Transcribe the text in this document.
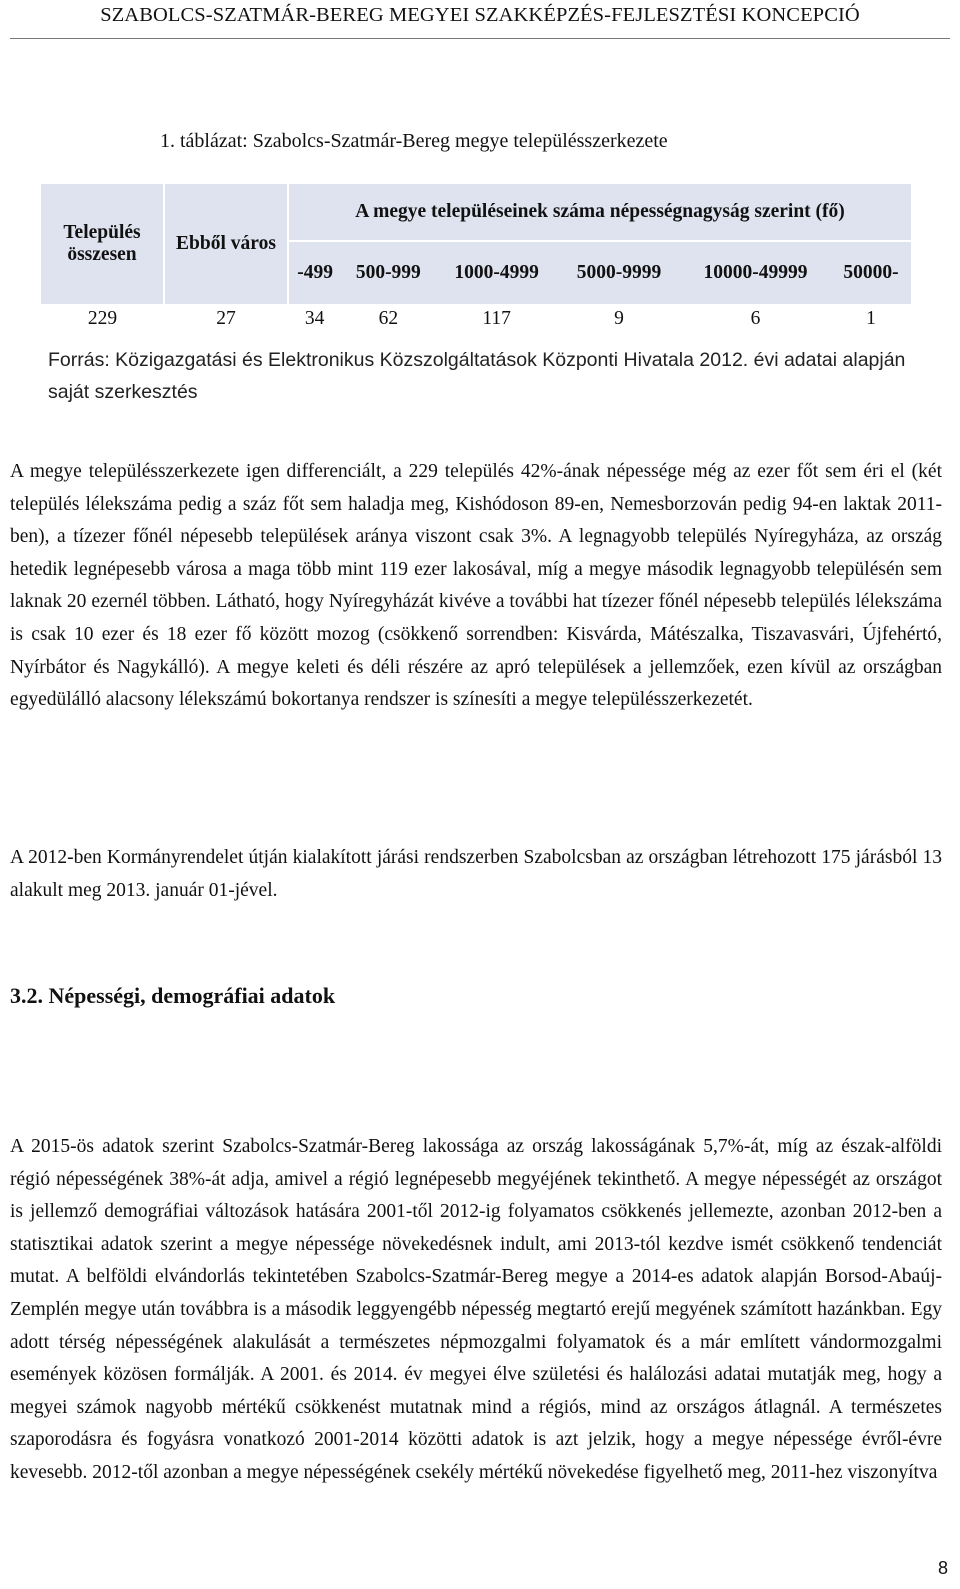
SZABOLCS-SZATMÁR-BEREG MEGYEI SZAKKÉPZÉS-FEJLESZTÉSI KONCEPCIÓ
1. táblázat: Szabolcs-Szatmár-Bereg megye településszerkezete
Település összesen	Ebből város	A megye településeinek száma népességnagyság szerint (fő)					
		-499	500-999	1000-4999	5000-9999	10000-49999	50000-
229	27	34	62	117	9	6	1
Forrás: Közigazgatási és Elektronikus Közszolgáltatások Központi Hivatala 2012. évi adatai alapján saját szerkesztés

A megye településszerkezete igen differenciált, a 229 település 42%-ának népessége még az ezer főt sem éri el (két település lélekszáma pedig a száz főt sem haladja meg, Kishódoson 89-en, Nemesborzován pedig 94-en laktak 2011-ben), a tízezer főnél népesebb települések aránya viszont csak 3%. A legnagyobb település Nyíregyháza, az ország hetedik legnépesebb városa a maga több mint 119 ezer lakosával, míg a megye második legnagyobb településén sem laknak 20 ezernél többen. Látható, hogy Nyíregyházát kivéve a további hat tízezer főnél népesebb település lélekszáma is csak 10 ezer és 18 ezer fő között mozog (csökkenő sorrendben: Kisvárda, Mátészalka, Tiszavasvári, Újfehértó, Nyírbátor és Nagykálló). A megye keleti és déli részére az apró települések a jellemzőek, ezen kívül az országban egyedülálló alacsony lélekszámú bokortanya rendszer is színesíti a megye településszerkezetét.

A 2012-ben Kormányrendelet útján kialakított járási rendszerben Szabolcsban az országban létrehozott 175 járásból 13 alakult meg 2013. január 01-jével.

3.2. Népességi, demográfiai adatok

A 2015-ös adatok szerint Szabolcs-Szatmár-Bereg lakossága az ország lakosságának 5,7%-át, míg az észak-alföldi régió népességének 38%-át adja, amivel a régió legnépesebb megyéjének tekinthető. A megye népességét az országot is jellemző demográfiai változások hatására 2001-től 2012-ig folyamatos csökkenés jellemezte, azonban 2012-ben a statisztikai adatok szerint a megye népessége növekedésnek indult, ami 2013-tól kezdve ismét csökkenő tendenciát mutat. A belföldi elvándorlás tekintetében Szabolcs-Szatmár-Bereg megye a 2014-es adatok alapján Borsod-Abaúj-Zemplén megye után továbbra is a második leggyengébb népesség megtartó erejű megyének számított hazánkban. Egy adott térség népességének alakulását a természetes népmozgalmi folyamatok és a már említett vándormozgalmi események közösen formálják. A 2001. és 2014. év megyei élve születési és halálozási adatai mutatják meg, hogy a megyei számok nagyobb mértékű csökkenést mutatnak mind a régiós, mind az országos átlagnál. A természetes szaporodásra és fogyásra vonatkozó 2001-2014 közötti adatok is azt jelzik, hogy a megye népessége évről-évre kevesebb. 2012-től azonban a megye népességének csekély mértékű növekedése figyelhető meg, 2011-hez viszonyítva

8
